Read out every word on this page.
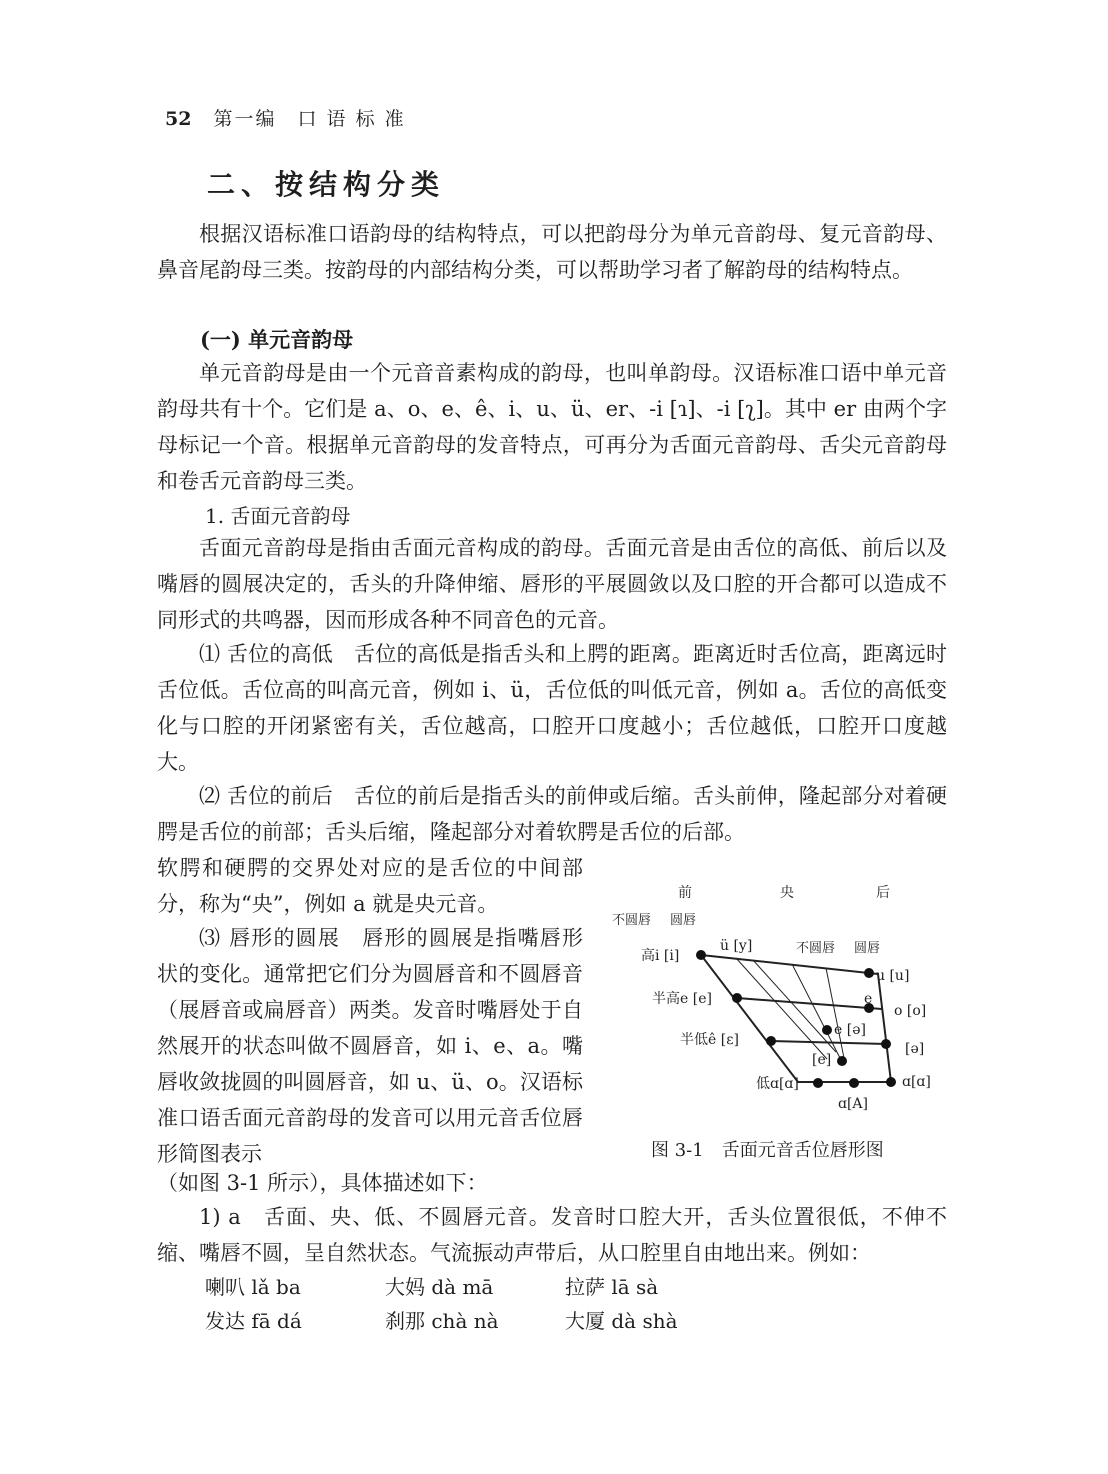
52 第一编　口 语 标 准
二、按结构分类

根据汉语标准口语韵母的结构特点，可以把韵母分为单元音韵母、复元音韵母、鼻音尾韵母三类。按韵母的内部结构分类，可以帮助学习者了解韵母的结构特点。

(一) 单元音韵母

单元音韵母是由一个元音音素构成的韵母，也叫单韵母。汉语标准口语中单元音韵母共有十个。它们是 a、o、e、ê、i、u、ü、er、-i [ɿ]、-i [ʅ]。其中 er 由两个字母标记一个音。根据单元音韵母的发音特点，可再分为舌面元音韵母、舌尖元音韵母和卷舌元音韵母三类。

1. 舌面元音韵母

舌面元音韵母是指由舌面元音构成的韵母。舌面元音是由舌位的高低、前后以及嘴唇的圆展决定的，舌头的升降伸缩、唇形的平展圆敛以及口腔的开合都可以造成不同形式的共鸣器，因而形成各种不同音色的元音。

⑴ 舌位的高低　舌位的高低是指舌头和上腭的距离。距离近时舌位高，距离远时舌位低。舌位高的叫高元音，例如 i、ü，舌位低的叫低元音，例如 a。舌位的高低变化与口腔的开闭紧密有关，舌位越高，口腔开口度越小；舌位越低，口腔开口度越大。

⑵ 舌位的前后　舌位的前后是指舌头的前伸或后缩。舌头前伸，隆起部分对着硬腭是舌位的前部；舌头后缩，隆起部分对着软腭是舌位的后部。

软腭和硬腭的交界处对应的是舌位的中间部分，称为“央”，例如 a 就是央元音。

⑶ 唇形的圆展　唇形的圆展是指嘴唇形状的变化。通常把它们分为圆唇音和不圆唇音（展唇音或扁唇音）两类。发音时嘴唇处于自然展开的状态叫做不圆唇音，如 i、e、a。嘴唇收敛拢圆的叫圆唇音，如 u、ü、o。汉语标准口语舌面元音韵母的发音可以用元音舌位唇形简图表示

（如图 3-1 所示），具体描述如下：

1) a　舌面、央、低、不圆唇元音。发音时口腔大开，舌头位置很低，不伸不缩、嘴唇不圆，呈自然状态。气流振动声带后，从口腔里自由地出来。例如：

喇叭 lǎ ba	大妈 dà mā	拉萨 lā sà
发达 fā dá	刹那 chà nà	大厦 dà shà
前	央	后
不圆唇 圆唇
不圆唇 圆唇
高i [i]
ü [y]
u [u]
半高e [e]	e
o [o]
半低ê [ε]
e [ə]
[ə]
[e]
低ɑ[ɑ]	ɑ[ɑ]
ɑ[A]
图 3-1　舌面元音舌位唇形图
